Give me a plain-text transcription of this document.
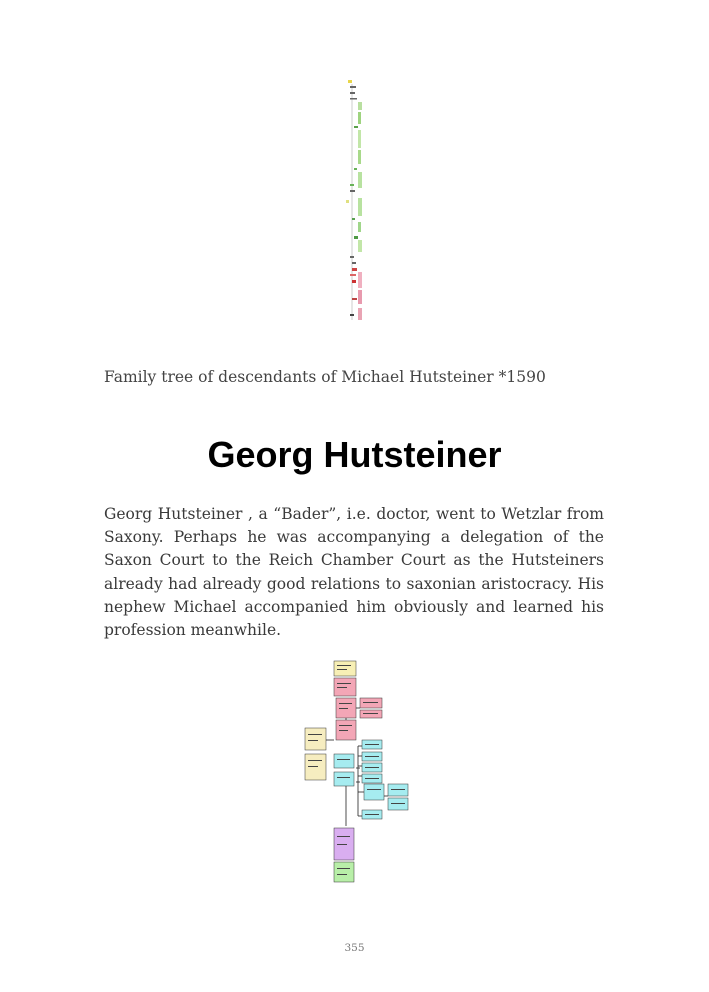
Family tree of descendants of Michael Hutsteiner *1590
Georg Hutsteiner
Georg Hutsteiner , a “Bader”, i.e. doctor, went to Wetzlar from Saxony. Perhaps he was accompanying a delegation of the Saxon Court to the Reich Chamber Court as the Hutsteiners already had already good relations to saxonian aristocracy. His nephew Michael accompanied him obviously and learned his profession meanwhile.
355
